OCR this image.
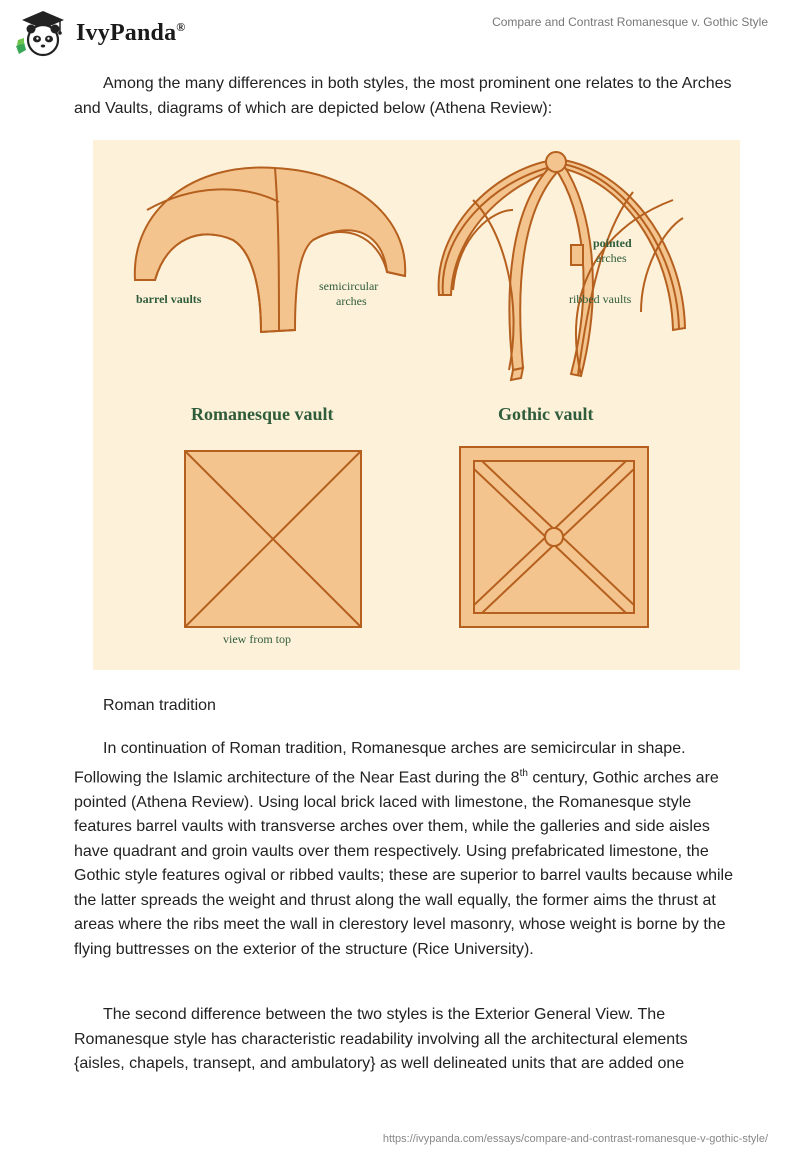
IvyPanda®	Compare and Contrast Romanesque v. Gothic Style

Among the many differences in both styles, the most prominent one relates to the Arches and Vaults, diagrams of which are depicted below (Athena Review):

barrel vaults
semicircular
arches
pointed
arches
ribbed vaults
Romanesque vault	Gothic vault
view from top

Roman tradition

In continuation of Roman tradition, Romanesque arches are semicircular in shape. Following the Islamic architecture of the Near East during the 8th century, Gothic arches are pointed (Athena Review). Using local brick laced with limestone, the Romanesque style features barrel vaults with transverse arches over them, while the galleries and side aisles have quadrant and groin vaults over them respectively. Using prefabricated limestone, the Gothic style features ogival or ribbed vaults; these are superior to barrel vaults because while the latter spreads the weight and thrust along the wall equally, the former aims the thrust at areas where the ribs meet the wall in clerestory level masonry, whose weight is borne by the flying buttresses on the exterior of the structure (Rice University).

The second difference between the two styles is the Exterior General View. The Romanesque style has characteristic readability involving all the architectural elements {aisles, chapels, transept, and ambulatory} as well delineated units that are added one

https://ivypanda.com/essays/compare-and-contrast-romanesque-v-gothic-style/
